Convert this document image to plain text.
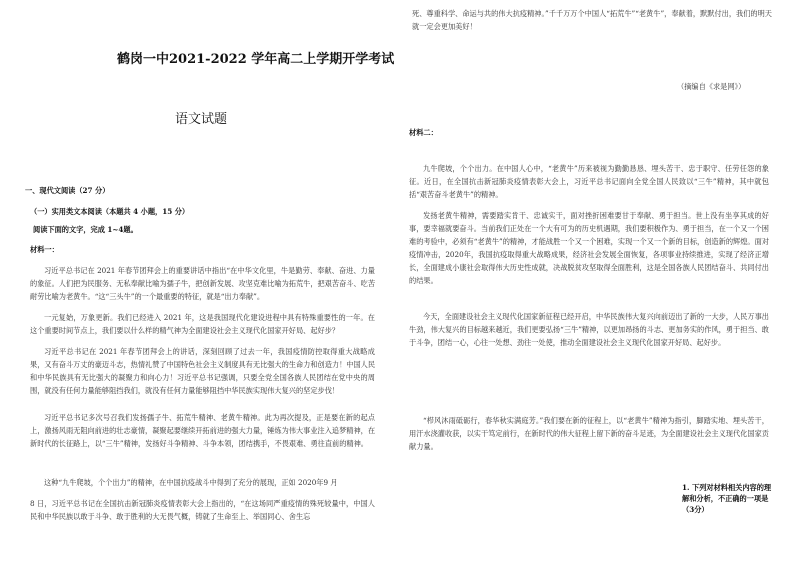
鹤岗一中2021-2022 学年高二上学期开学考试
语文试题

一、现代文阅读（27 分）

（一）实用类文本阅读（本题共 4 小题，15 分）

阅读下面的文字，完成 1~4题。

材料一：

习近平总书记在 2021 年春节团拜会上的重要讲话中指出“在中华文化里，牛是勤劳、奉献、奋进、力量的象征。人们把为民服务、无私奉献比喻为孺子牛，把创新发展、攻坚克难比喻为拓荒牛，把艰苦奋斗、吃苦耐劳比喻为老黄牛。“这“三头牛”的一个最重要的特征，就是“出力奉献”。

一元复始，万象更新。我们已经进入 2021 年，这是我国现代化建设进程中具有特殊重要性的一年。在这个重要时间节点上，我们要以什么样的精气神为全面建设社会主义现代化国家开好局、起好步？

习近平总书记在 2021 年春节团拜会上的讲话，深刻回顾了过去一年，我国疫情防控取得重大战略成果，又有奋斗万丈的豪迈斗志，热情礼赞了中国特色社会主义制度具有无比强大的生命力和创造力！中国人民和中华民族具有无比强大的凝聚力和向心力！习近平总书记强调，只要全党全国各族人民团结在党中央的周围，就没有任何力量能够阻挡我们，就没有任何力量能够阻挡中华民族实现伟大复兴的坚定步伐！

习近平总书记多次号召我们发扬孺子牛、拓荒牛精神、老黄牛精神。此为再次提及，正是要在新的起点上，激扬风雨无阻向前进的壮志豪情，凝聚起要继续开拓前进的强大力量，锤炼为伟大事业注入追梦精神，在新时代的长征路上，以“三牛”精神，发扬好斗争精神、斗争本领，团结携手，不畏艰难、勇往直前的精神。

这种“九牛爬坡，个个出力”的精神，在中国抗疫战斗中得到了充分的展现，正如 2020年9 月

8 日，习近平总书记在全国抗击新冠肺炎疫情表彰大会上指出的，“在这场同严重疫情的殊死较量中，中国人民和中华民族以敢于斗争、敢于胜利的大无畏气概，铸就了生命至上、举国同心、舍生忘

死、尊重科学、命运与共的伟大抗疫精神。”千千万万个中国人“拓荒牛”“老黄牛”，奉献着，默默付出，我们的明天就一定会更加美好！

（摘编自《求是网》）

材料二：

九牛爬坡，个个出力。在中国人心中，“老黄牛”历来被视为勤勤恳恳、埋头苦干、忠于职守、任劳任怨的象征。近日，在全国抗击新冠肺炎疫情表彰大会上，习近平总书记面向全党全国人民致以“三牛”精神，其中就包括“艰苦奋斗老黄牛”的精神。

发扬老黄牛精神，需要踏实肯干、忠诚实干，面对挫折困难要甘于奉献、勇于担当。世上没有坐享其成的好事，要幸福就要奋斗。当前我们正处在一个大有可为的历史机遇期，我们要积极作为、勇于担当，在一个又一个困难的考验中，必须有“老黄牛”的精神，才能战胜一个又一个困难，实现一个又一个新的目标，创造新的辉煌。面对疫情冲击，2020年，我国抗疫取得重大战略成果，经济社会发展全面恢复，各项事业持续推进，实现了经济正增长，全面建成小康社会取得伟大历史性成就，决战脱贫攻坚取得全面胜利，这是全国各族人民团结奋斗、共同付出的结果。

今天，全面建设社会主义现代化国家新征程已经开启，中华民族伟大复兴向前迈出了新的一大步，人民万事出牛劲，伟大复兴的目标越来越近，我们更要弘扬“三牛”精神，以更加昂扬的斗志、更加务实的作风，勇于担当、敢于斗争，团结一心，心往一处想、劲往一处使，推动全面建设社会主义现代化国家开好局、起好步。

“栉风沐雨砥砺行，春华秋实满庭芳。”我们要在新的征程上，以“老黄牛”精神为指引，脚踏实地、埋头苦干，用汗水浇灌收获，以实干笃定前行，在新时代的伟大征程上留下新的奋斗足迹，为全面建设社会主义现代化国家贡献力量。

1. 下列对材料相关内容的理解和分析，不正确的一项是（3分）
